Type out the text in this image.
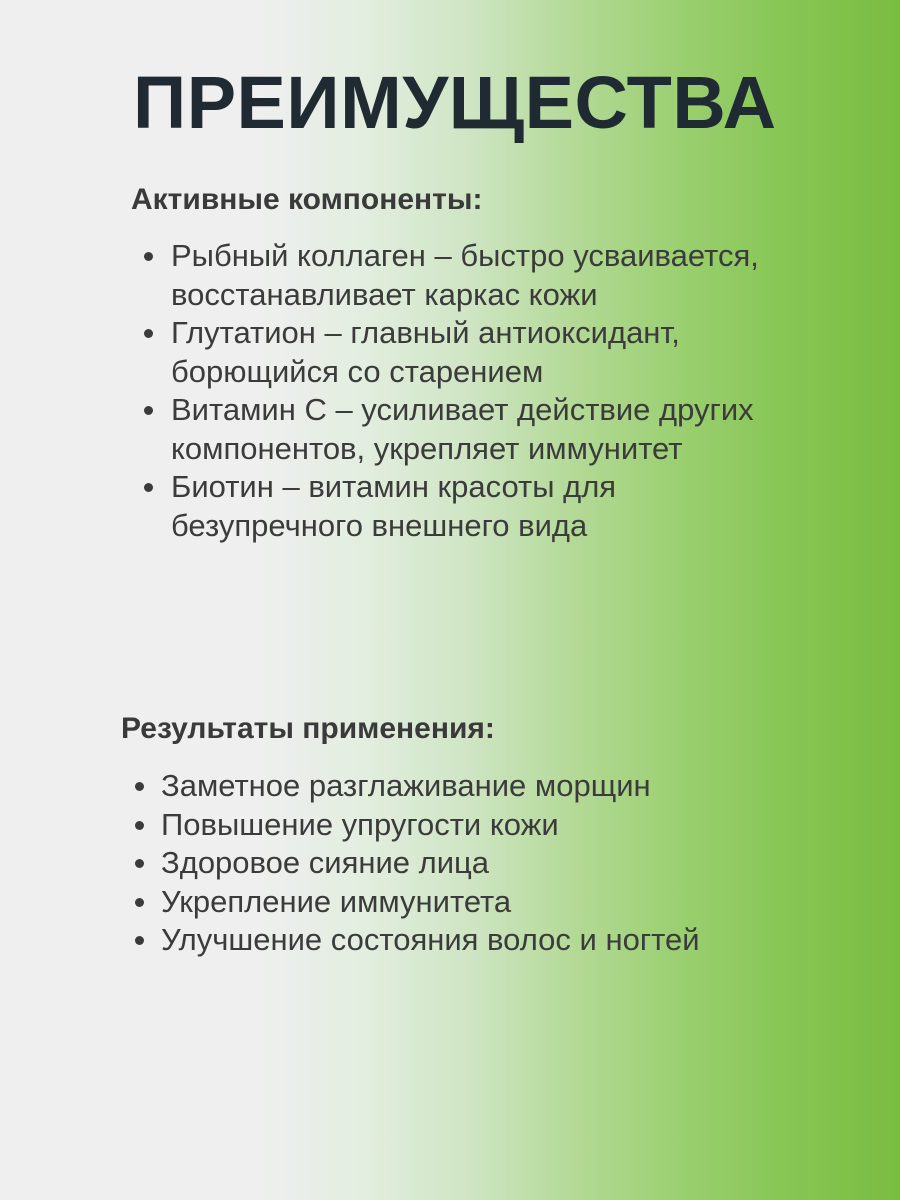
ПРЕИМУЩЕСТВА
Активные компоненты:
Рыбный коллаген – быстро усваивается, восстанавливает каркас кожи
Глутатион – главный антиоксидант, борющийся со старением
Витамин С – усиливает действие других компонентов, укрепляет иммунитет
Биотин – витамин красоты для безупречного внешнего вида
Результаты применения:
Заметное разглаживание морщин
Повышение упругости кожи
Здоровое сияние лица
Укрепление иммунитета
Улучшение состояния волос и ногтей
